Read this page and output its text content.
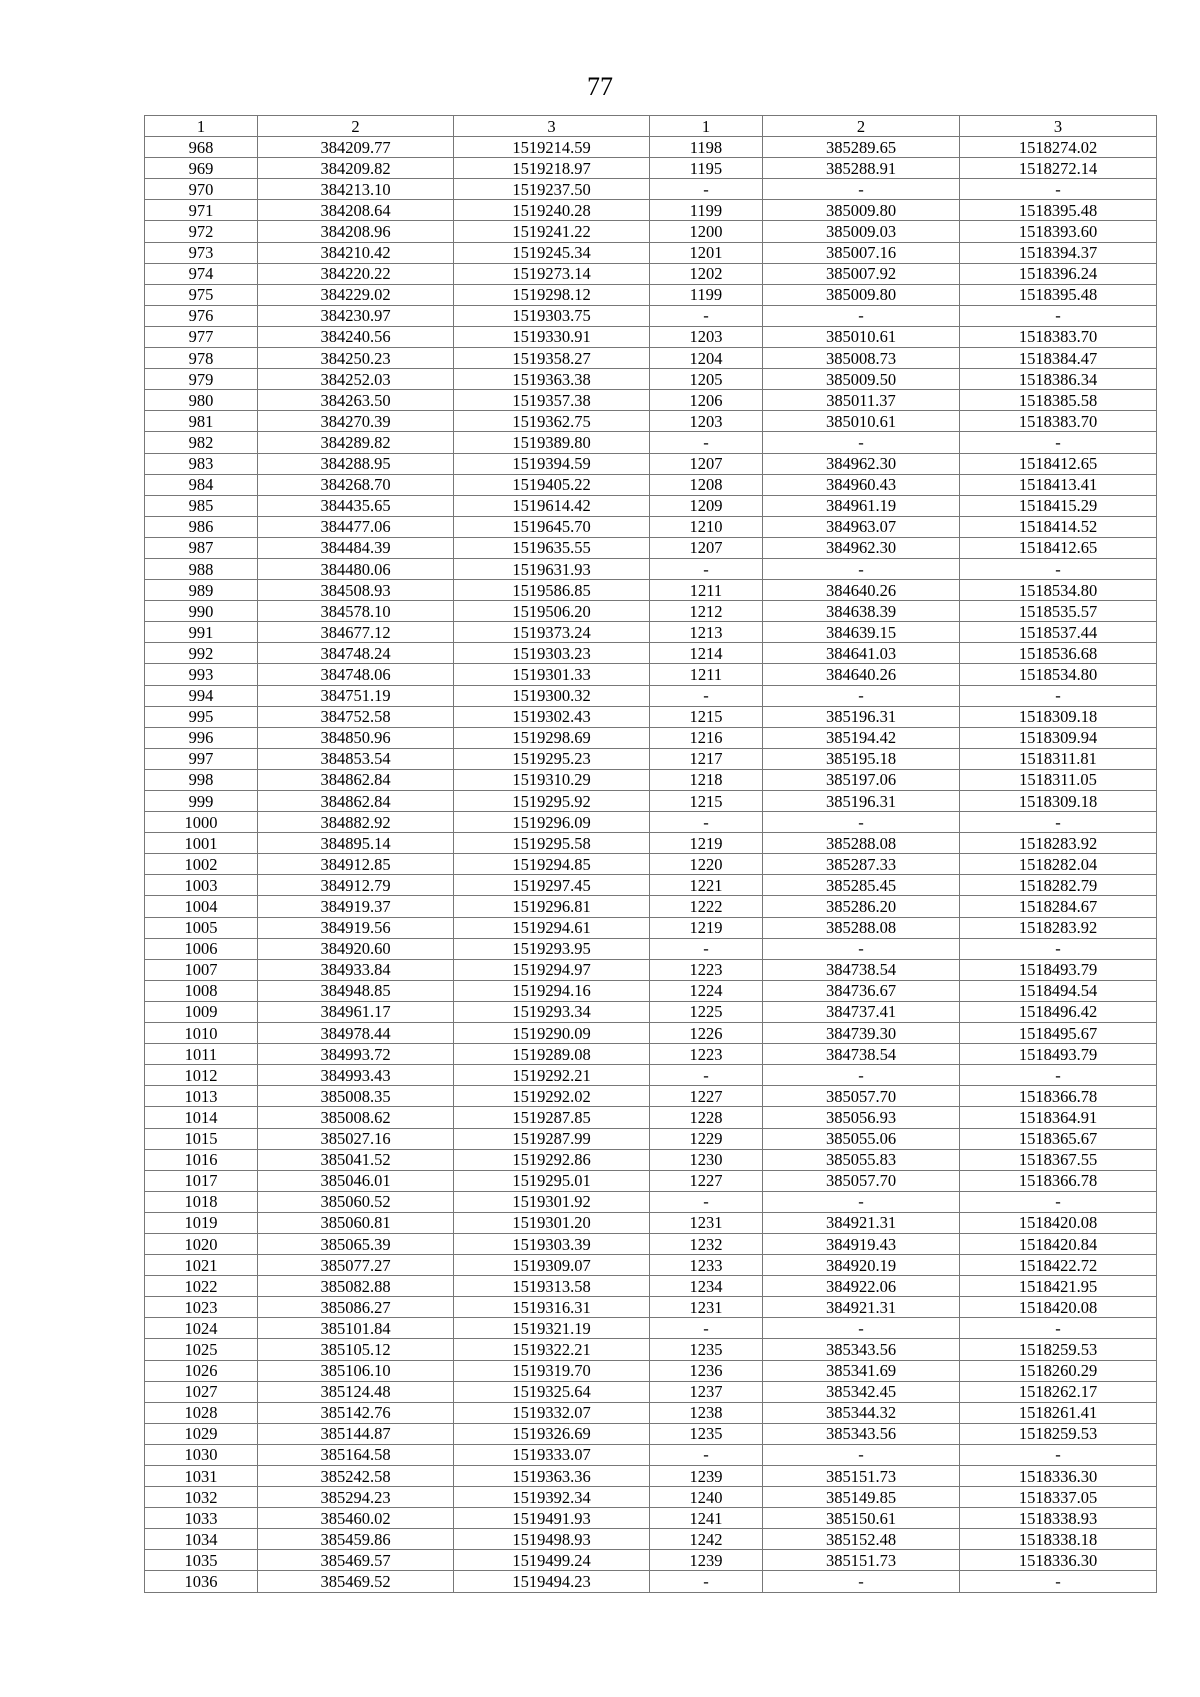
77
1	2	3	1	2	3
968	384209.77	1519214.59	1198	385289.65	1518274.02
969	384209.82	1519218.97	1195	385288.91	1518272.14
970	384213.10	1519237.50	-	-	-
971	384208.64	1519240.28	1199	385009.80	1518395.48
972	384208.96	1519241.22	1200	385009.03	1518393.60
973	384210.42	1519245.34	1201	385007.16	1518394.37
974	384220.22	1519273.14	1202	385007.92	1518396.24
975	384229.02	1519298.12	1199	385009.80	1518395.48
976	384230.97	1519303.75	-	-	-
977	384240.56	1519330.91	1203	385010.61	1518383.70
978	384250.23	1519358.27	1204	385008.73	1518384.47
979	384252.03	1519363.38	1205	385009.50	1518386.34
980	384263.50	1519357.38	1206	385011.37	1518385.58
981	384270.39	1519362.75	1203	385010.61	1518383.70
982	384289.82	1519389.80	-	-	-
983	384288.95	1519394.59	1207	384962.30	1518412.65
984	384268.70	1519405.22	1208	384960.43	1518413.41
985	384435.65	1519614.42	1209	384961.19	1518415.29
986	384477.06	1519645.70	1210	384963.07	1518414.52
987	384484.39	1519635.55	1207	384962.30	1518412.65
988	384480.06	1519631.93	-	-	-
989	384508.93	1519586.85	1211	384640.26	1518534.80
990	384578.10	1519506.20	1212	384638.39	1518535.57
991	384677.12	1519373.24	1213	384639.15	1518537.44
992	384748.24	1519303.23	1214	384641.03	1518536.68
993	384748.06	1519301.33	1211	384640.26	1518534.80
994	384751.19	1519300.32	-	-	-
995	384752.58	1519302.43	1215	385196.31	1518309.18
996	384850.96	1519298.69	1216	385194.42	1518309.94
997	384853.54	1519295.23	1217	385195.18	1518311.81
998	384862.84	1519310.29	1218	385197.06	1518311.05
999	384862.84	1519295.92	1215	385196.31	1518309.18
1000	384882.92	1519296.09	-	-	-
1001	384895.14	1519295.58	1219	385288.08	1518283.92
1002	384912.85	1519294.85	1220	385287.33	1518282.04
1003	384912.79	1519297.45	1221	385285.45	1518282.79
1004	384919.37	1519296.81	1222	385286.20	1518284.67
1005	384919.56	1519294.61	1219	385288.08	1518283.92
1006	384920.60	1519293.95	-	-	-
1007	384933.84	1519294.97	1223	384738.54	1518493.79
1008	384948.85	1519294.16	1224	384736.67	1518494.54
1009	384961.17	1519293.34	1225	384737.41	1518496.42
1010	384978.44	1519290.09	1226	384739.30	1518495.67
1011	384993.72	1519289.08	1223	384738.54	1518493.79
1012	384993.43	1519292.21	-	-	-
1013	385008.35	1519292.02	1227	385057.70	1518366.78
1014	385008.62	1519287.85	1228	385056.93	1518364.91
1015	385027.16	1519287.99	1229	385055.06	1518365.67
1016	385041.52	1519292.86	1230	385055.83	1518367.55
1017	385046.01	1519295.01	1227	385057.70	1518366.78
1018	385060.52	1519301.92	-	-	-
1019	385060.81	1519301.20	1231	384921.31	1518420.08
1020	385065.39	1519303.39	1232	384919.43	1518420.84
1021	385077.27	1519309.07	1233	384920.19	1518422.72
1022	385082.88	1519313.58	1234	384922.06	1518421.95
1023	385086.27	1519316.31	1231	384921.31	1518420.08
1024	385101.84	1519321.19	-	-	-
1025	385105.12	1519322.21	1235	385343.56	1518259.53
1026	385106.10	1519319.70	1236	385341.69	1518260.29
1027	385124.48	1519325.64	1237	385342.45	1518262.17
1028	385142.76	1519332.07	1238	385344.32	1518261.41
1029	385144.87	1519326.69	1235	385343.56	1518259.53
1030	385164.58	1519333.07	-	-	-
1031	385242.58	1519363.36	1239	385151.73	1518336.30
1032	385294.23	1519392.34	1240	385149.85	1518337.05
1033	385460.02	1519491.93	1241	385150.61	1518338.93
1034	385459.86	1519498.93	1242	385152.48	1518338.18
1035	385469.57	1519499.24	1239	385151.73	1518336.30
1036	385469.52	1519494.23	-	-	-
